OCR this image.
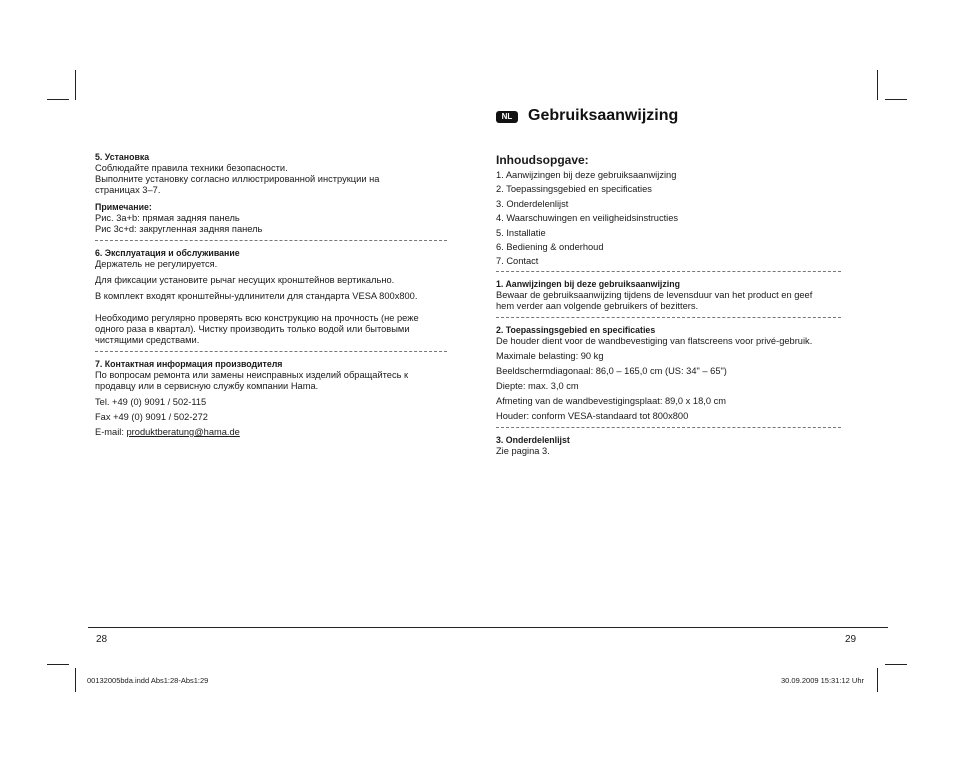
NL Gebruiksaanwijzing

5. Установка

Соблюдайте правила техники безопасности.

Выполните установку согласно иллюстрированной инструкции на

страницах 3–7.

Примечание:

Рис. 3a+b: прямая задняя панель

Рис 3c+d: закругленная задняя панель

6. Эксплуатация и обслуживание

Держатель не регулируется.

Для фиксации установите рычаг несущих кронштейнов вертикально.

В комплект входят кронштейны-удлинители для стандарта VESA 800x800.

Необходимо регулярно проверять всю конструкцию на прочность (не реже

одного раза в квартал). Чистку производить только водой или бытовыми

чистящими средствами.

7. Контактная информация производителя

По вопросам ремонта или замены неисправных изделий обращайтесь к

продавцу или в сервисную службу компании Hama.

Tel. +49 (0) 9091 / 502-115

Fax +49 (0) 9091 / 502-272

E-mail: produktberatung@hama.de

Inhoudsopgave:

1. Aanwijzingen bij deze gebruiksaanwijzing

2. Toepassingsgebied en specificaties

3. Onderdelenlijst

4. Waarschuwingen en veiligheidsinstructies

5. Installatie

6. Bediening & onderhoud

7. Contact

1. Aanwijzingen bij deze gebruiksaanwijzing

Bewaar de gebruiksaanwijzing tijdens de levensduur van het product en geef

hem verder aan volgende gebruikers of bezitters.

2. Toepassingsgebied en specificaties

De houder dient voor de wandbevestiging van flatscreens voor privé-gebruik.

Maximale belasting: 90 kg

Beeldschermdiagonaal: 86,0 – 165,0 cm (US: 34" – 65")

Diepte: max. 3,0 cm

Afmeting van de wandbevestigingsplaat: 89,0 x 18,0 cm

Houder: conform VESA-standaard tot 800x800

3. Onderdelenlijst

Zie pagina 3.

28	29
00132005bda.indd Abs1:28-Abs1:29	30.09.2009 15:31:12 Uhr
